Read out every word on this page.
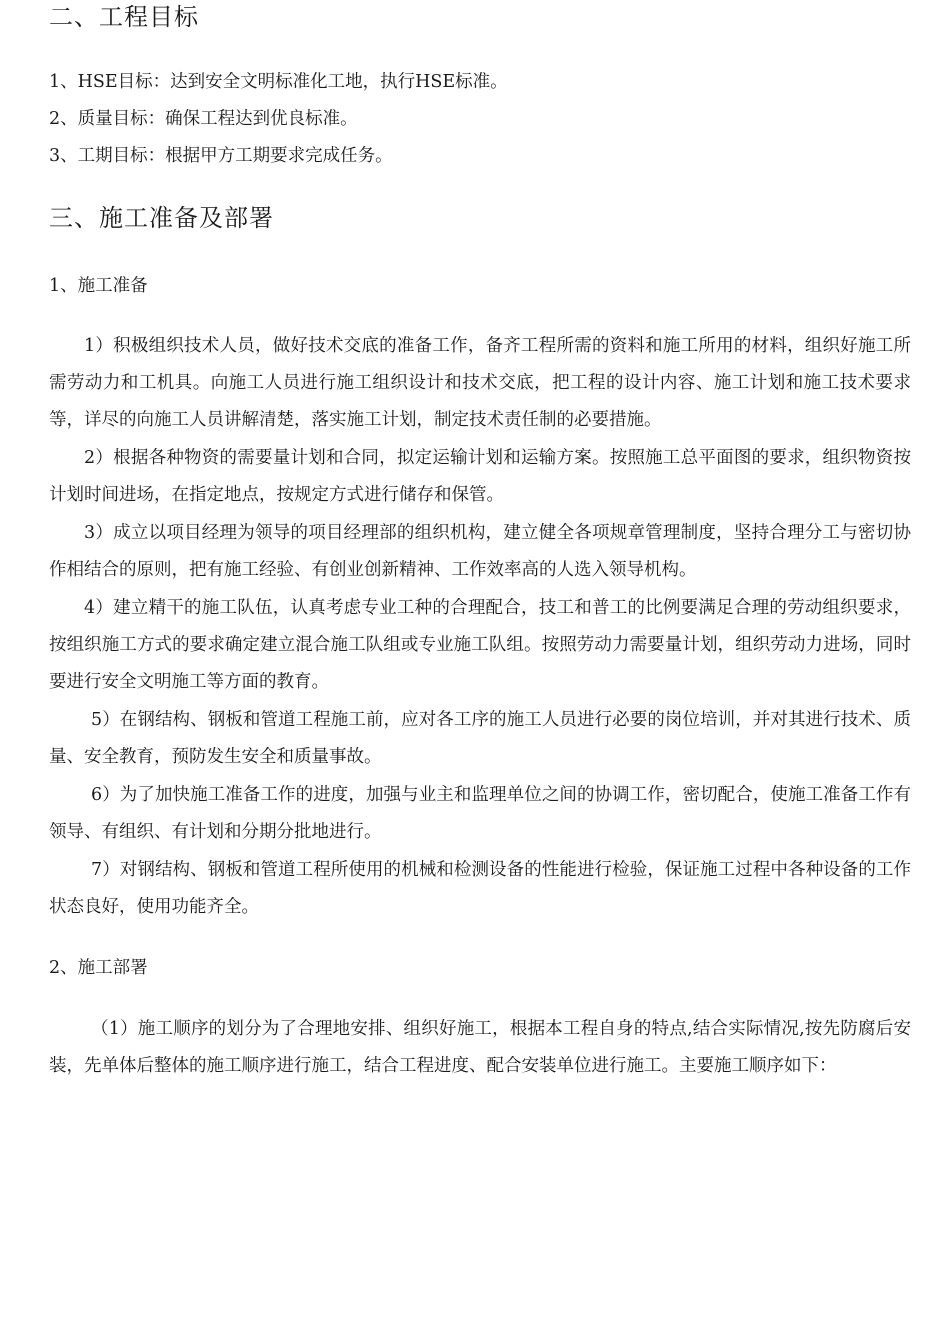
二、工程目标
1、HSE目标：达到安全文明标准化工地，执行HSE标准。
2、质量目标：确保工程达到优良标准。
3、工期目标：根据甲方工期要求完成任务。
三、施工准备及部署
1、施工准备
1）积极组织技术人员，做好技术交底的准备工作，备齐工程所需的资料和施工所用的材料，组织好施工所需劳动力和工机具。向施工人员进行施工组织设计和技术交底，把工程的设计内容、施工计划和施工技术要求等，详尽的向施工人员讲解清楚，落实施工计划，制定技术责任制的必要措施。
2）根据各种物资的需要量计划和合同，拟定运输计划和运输方案。按照施工总平面图的要求，组织物资按计划时间进场，在指定地点，按规定方式进行储存和保管。
3）成立以项目经理为领导的项目经理部的组织机构，建立健全各项规章管理制度，坚持合理分工与密切协作相结合的原则，把有施工经验、有创业创新精神、工作效率高的人选入领导机构。
4）建立精干的施工队伍，认真考虑专业工种的合理配合，技工和普工的比例要满足合理的劳动组织要求，按组织施工方式的要求确定建立混合施工队组或专业施工队组。按照劳动力需要量计划，组织劳动力进场，同时要进行安全文明施工等方面的教育。
5）在钢结构、钢板和管道工程施工前，应对各工序的施工人员进行必要的岗位培训，并对其进行技术、质量、安全教育，预防发生安全和质量事故。
6）为了加快施工准备工作的进度，加强与业主和监理单位之间的协调工作，密切配合，使施工准备工作有领导、有组织、有计划和分期分批地进行。
7）对钢结构、钢板和管道工程所使用的机械和检测设备的性能进行检验，保证施工过程中各种设备的工作状态良好，使用功能齐全。
2、施工部署
（1）施工顺序的划分为了合理地安排、组织好施工，根据本工程自身的特点,结合实际情况,按先防腐后安装，先单体后整体的施工顺序进行施工，结合工程进度、配合安装单位进行施工。主要施工顺序如下：
